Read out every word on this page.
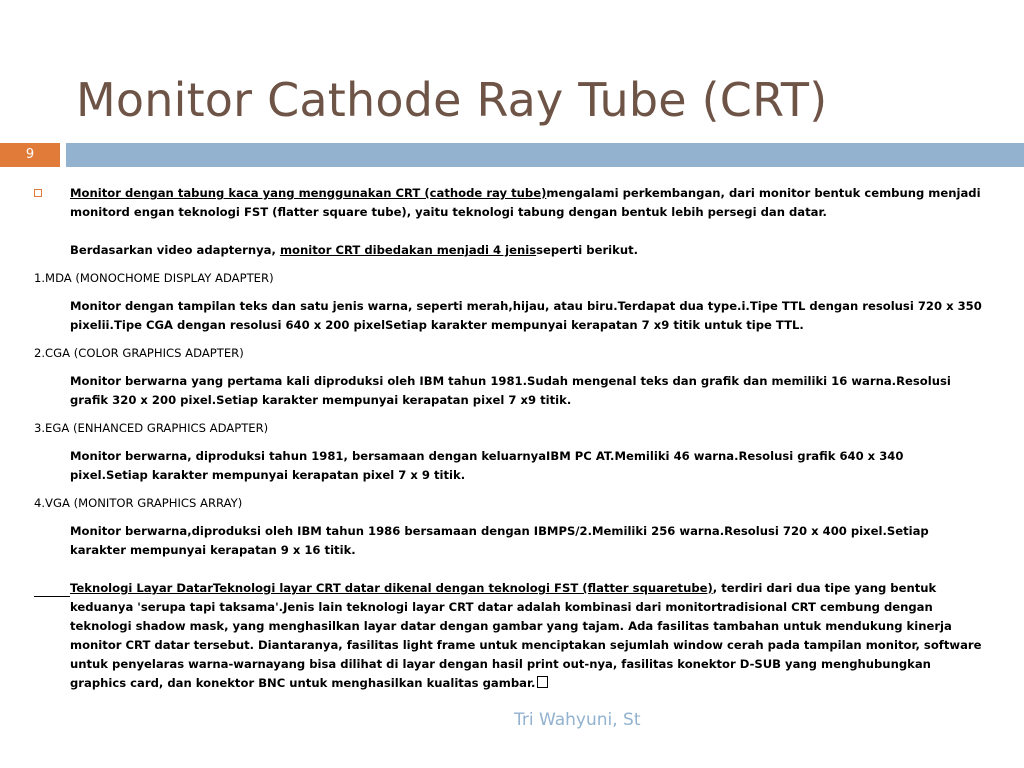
Monitor Cathode Ray Tube (CRT)
9
Monitor dengan tabung kaca yang menggunakan CRT (cathode ray tube)mengalami perkembangan, dari monitor bentuk cembung menjadi monitord engan teknologi FST (flatter square tube), yaitu teknologi tabung dengan bentuk lebih persegi dan datar.
Berdasarkan video adapternya, monitor CRT dibedakan menjadi 4 jenisseperti berikut.
1.MDA (MONOCHOME DISPLAY ADAPTER)
Monitor dengan tampilan teks dan satu jenis warna, seperti merah,hijau, atau biru.Terdapat dua type.i.Tipe TTL dengan resolusi 720 x 350 pixelii.Tipe CGA dengan resolusi 640 x 200 pixelSetiap karakter mempunyai kerapatan 7 x9 titik untuk tipe TTL.
2.CGA (COLOR GRAPHICS ADAPTER)
Monitor berwarna yang pertama kali diproduksi oleh IBM tahun 1981.Sudah mengenal teks dan grafik dan memiliki 16 warna.Resolusi grafik 320 x 200 pixel.Setiap karakter mempunyai kerapatan pixel 7 x9 titik.
3.EGA (ENHANCED GRAPHICS ADAPTER)
Monitor berwarna, diproduksi tahun 1981, bersamaan dengan keluarnyaIBM PC AT.Memiliki 46 warna.Resolusi grafik 640 x 340 pixel.Setiap karakter mempunyai kerapatan pixel 7 x 9 titik.
4.VGA (MONITOR GRAPHICS ARRAY)
Monitor berwarna,diproduksi oleh IBM tahun 1986 bersamaan dengan IBMPS/2.Memiliki 256 warna.Resolusi 720 x 400 pixel.Setiap karakter mempunyai kerapatan 9 x 16 titik.
Teknologi Layar DatarTeknologi layar CRT datar dikenal dengan teknologi FST (flatter squaretube), terdiri dari dua tipe yang bentuk keduanya 'serupa tapi taksama'.Jenis lain teknologi layar CRT datar adalah kombinasi dari monitortradisional CRT cembung dengan teknologi shadow mask, yang menghasilkan layar datar dengan gambar yang tajam. Ada fasilitas tambahan untuk mendukung kinerja monitor CRT datar tersebut. Diantaranya, fasilitas light frame untuk menciptakan sejumlah window cerah pada tampilan monitor, software untuk penyelaras warna-warnayang bisa dilihat di layar dengan hasil print out-nya, fasilitas konektor D-SUB yang menghubungkan graphics card, dan konektor BNC untuk menghasilkan kualitas gambar.
Tri Wahyuni, St
